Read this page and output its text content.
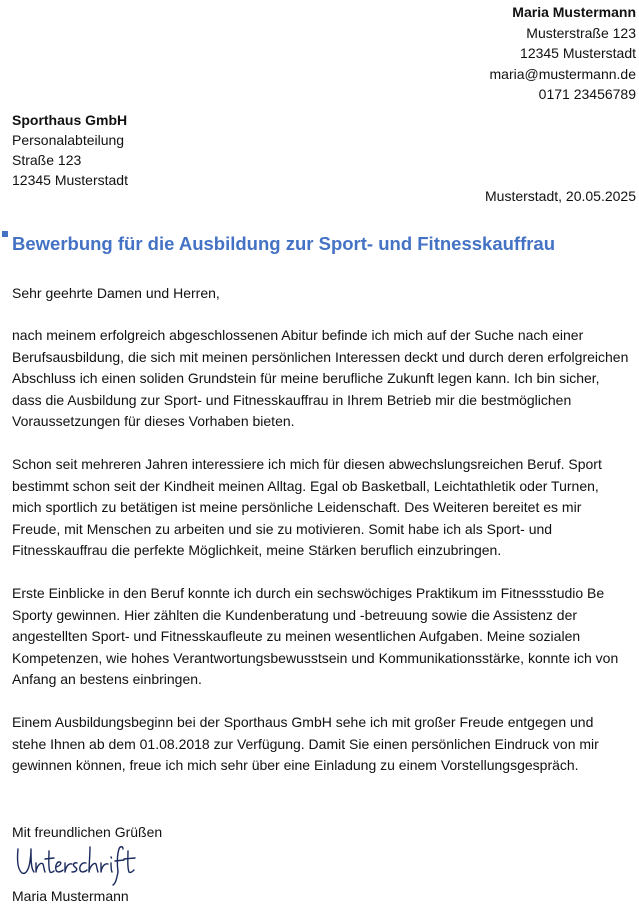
Maria Mustermann
Musterstraße 123
12345 Musterstadt
maria@mustermann.de
0171 23456789
Sporthaus GmbH
Personalabteilung
Straße 123
12345 Musterstadt
Musterstadt, 20.05.2025
Bewerbung für die Ausbildung zur Sport- und Fitnesskauffrau
Sehr geehrte Damen und Herren,

nach meinem erfolgreich abgeschlossenen Abitur befinde ich mich auf der Suche nach einer Berufsausbildung, die sich mit meinen persönlichen Interessen deckt und durch deren erfolgreichen Abschluss ich einen soliden Grundstein für meine berufliche Zukunft legen kann. Ich bin sicher, dass die Ausbildung zur Sport- und Fitnesskauffrau in Ihrem Betrieb mir die bestmöglichen Voraussetzungen für dieses Vorhaben bieten.

Schon seit mehreren Jahren interessiere ich mich für diesen abwechslungsreichen Beruf. Sport bestimmt schon seit der Kindheit meinen Alltag. Egal ob Basketball, Leichtathletik oder Turnen, mich sportlich zu betätigen ist meine persönliche Leidenschaft. Des Weiteren bereitet es mir Freude, mit Menschen zu arbeiten und sie zu motivieren. Somit habe ich als Sport- und Fitnesskauffrau die perfekte Möglichkeit, meine Stärken beruflich einzubringen.

Erste Einblicke in den Beruf konnte ich durch ein sechswöchiges Praktikum im Fitnessstudio Be Sporty gewinnen. Hier zählten die Kundenberatung und -betreuung sowie die Assistenz der angestellten Sport- und Fitnesskaufleute zu meinen wesentlichen Aufgaben. Meine sozialen Kompetenzen, wie hohes Verantwortungsbewusstsein und Kommunikationsstärke, konnte ich von Anfang an bestens einbringen.

Einem Ausbildungsbeginn bei der Sporthaus GmbH sehe ich mit großer Freude entgegen und stehe Ihnen ab dem 01.08.2018 zur Verfügung. Damit Sie einen persönlichen Eindruck von mir gewinnen können, freue ich mich sehr über eine Einladung zu einem Vorstellungsgespräch.

Mit freundlichen Grüßen
Maria Mustermann
